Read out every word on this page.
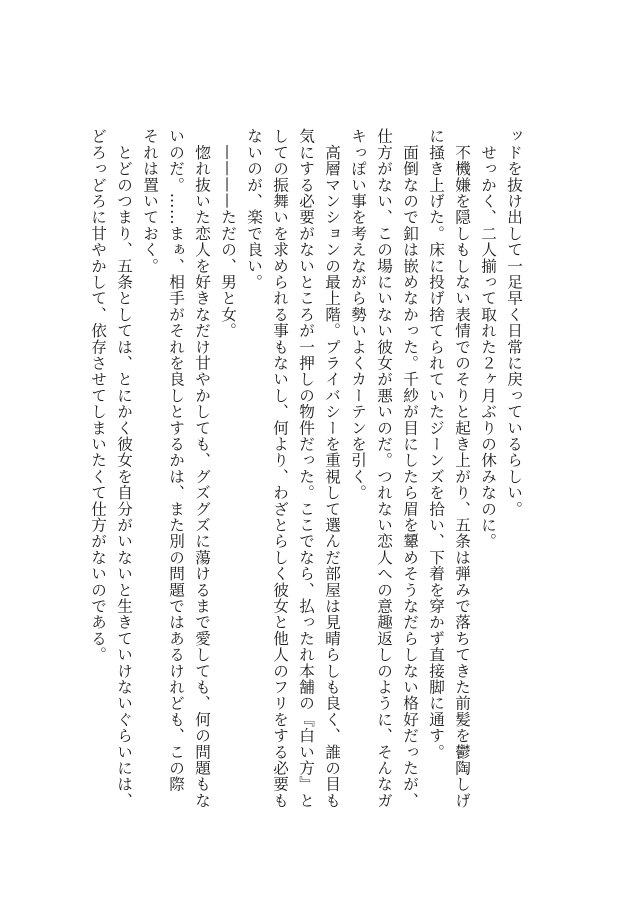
ッドを抜け出して一足早く日常に戻っているらしい。
　せっかく、二人揃って取れた２ヶ月ぶりの休みなのに。
　不機嫌を隠しもしない表情でのそりと起き上がり、五条は弾みで落ちてきた前髪を鬱陶しげ
に掻き上げた。床に投げ捨てられていたジーンズを拾い、下着を穿かず直接脚に通す。
　面倒なので釦は嵌めなかった。千紗が目にしたら眉を顰めそうなだらしない格好だったが、
仕方がない、この場にいない彼女が悪いのだ。つれない恋人への意趣返しのように、そんなガ
キっぽい事を考えながら勢いよくカーテンを引く。
　高層マンションの最上階。プライバシーを重視して選んだ部屋は見晴らしも良く、誰の目も
気にする必要がないところが一押しの物件だった。ここでなら、払ったれ本舗の『白い方』と
しての振舞いを求められる事もないし、何より、わざとらしく彼女と他人のフリをする必要も
ないのが、楽で良い。
　————ただの、男と女。
　惚れ抜いた恋人を好きなだけ甘やかしても、グズグズに蕩けるまで愛しても、何の問題もな
いのだ。……まぁ、相手がそれを良しとするかは、また別の問題ではあるけれども、この際
それは置いておく。
　とどのつまり、五条としては、とにかく彼女を自分がいないと生きていけないぐらいには、
どろっどろに甘やかして、依存させてしまいたくて仕方がないのである。
